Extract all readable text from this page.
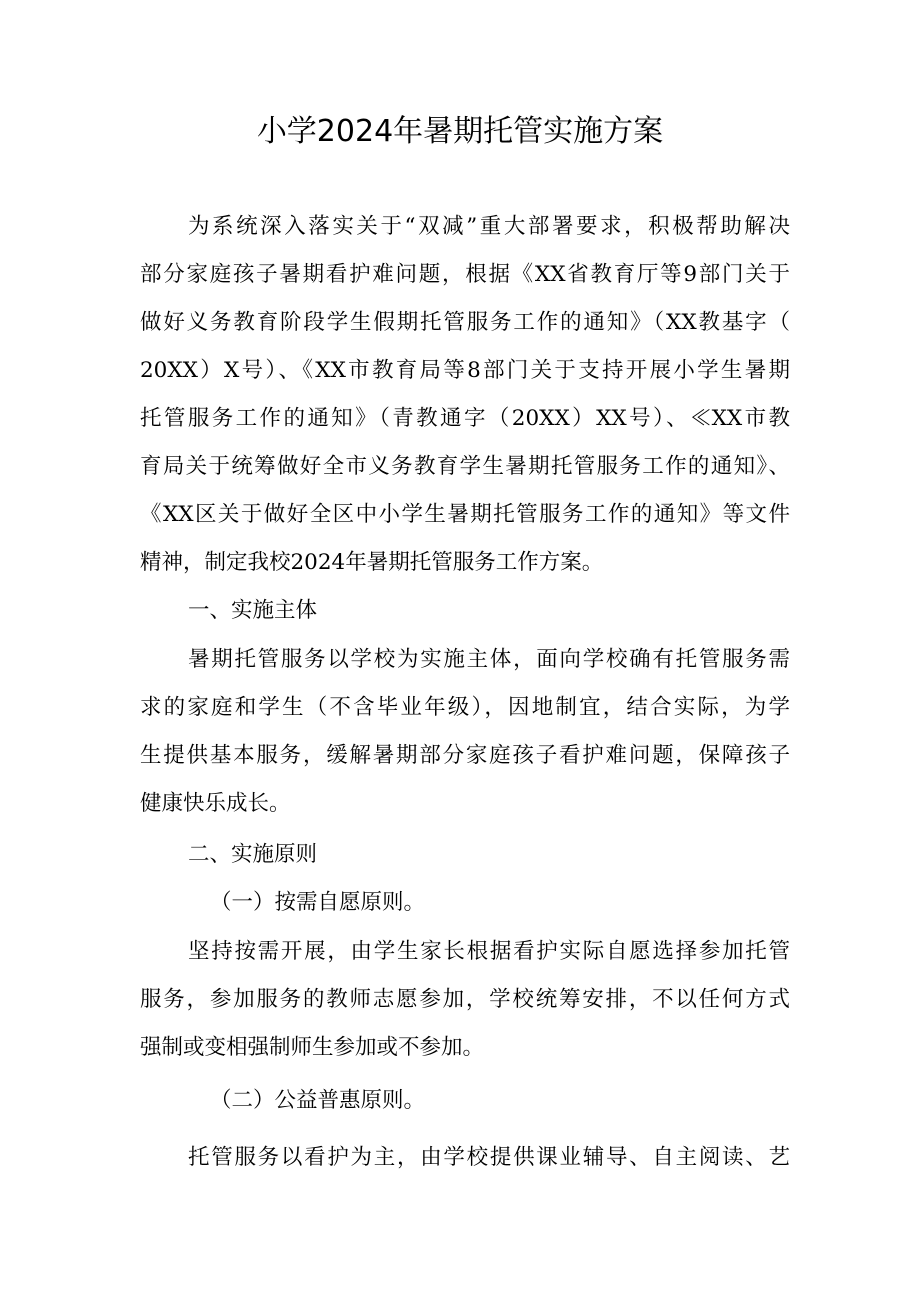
小学2024年暑期托管实施方案
为系统深入落实关于“双减”重大部署要求，积极帮助解决
部分家庭孩子暑期看护难问题，根据《XX省教育厅等9部门关于
做好义务教育阶段学生假期托管服务工作的通知》（XX教基字（
20XX）X号）、《XX市教育局等8部门关于支持开展小学生暑期
托管服务工作的通知》（青教通字（20XX）XX号）、≪XX市教
育局关于统筹做好全市义务教育学生暑期托管服务工作的通知》、
《XX区关于做好全区中小学生暑期托管服务工作的通知》等文件
精神，制定我校2024年暑期托管服务工作方案。
一、实施主体
暑期托管服务以学校为实施主体，面向学校确有托管服务需
求的家庭和学生（不含毕业年级），因地制宜，结合实际，为学
生提供基本服务，缓解暑期部分家庭孩子看护难问题，保障孩子
健康快乐成长。
二、实施原则
（一）按需自愿原则。
坚持按需开展，由学生家长根据看护实际自愿选择参加托管
服务，参加服务的教师志愿参加，学校统筹安排，不以任何方式
强制或变相强制师生参加或不参加。
（二）公益普惠原则。
托管服务以看护为主，由学校提供课业辅导、自主阅读、艺
